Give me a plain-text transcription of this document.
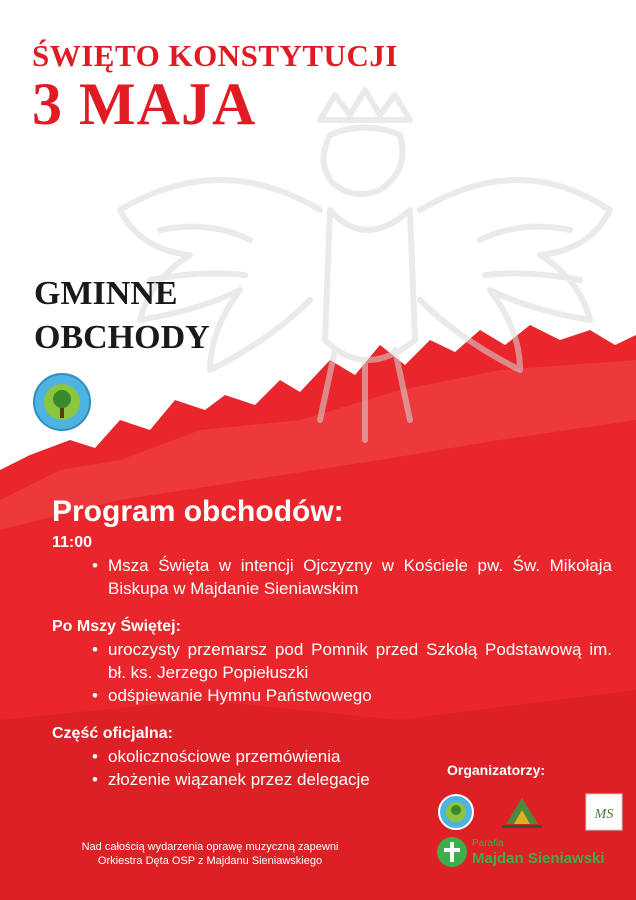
ŚWIĘTO KONSTYTUCJI
3 MAJA
GMINNE
OBCHODY
Program obchodów:
11:00
• Msza Święta w intencji Ojczyzny w Kościele pw. Św. Mikołaja Biskupa w Majdanie Sieniawskim
Po Mszy Świętej:
• uroczysty przemarsz pod Pomnik przed Szkołą Podstawową im. bł. ks. Jerzego Popiełuszki
• odśpiewanie Hymnu Państwowego
Część oficjalna:
• okolicznościowe przemówienia
• złożenie wiązanek przez delegacje	Organizatorzy:
MS
Parafia
Majdan Sieniawski
Nad całością wydarzenia oprawę muzyczną zapewni
Orkiestra Dęta OSP z Majdanu Sieniawskiego
